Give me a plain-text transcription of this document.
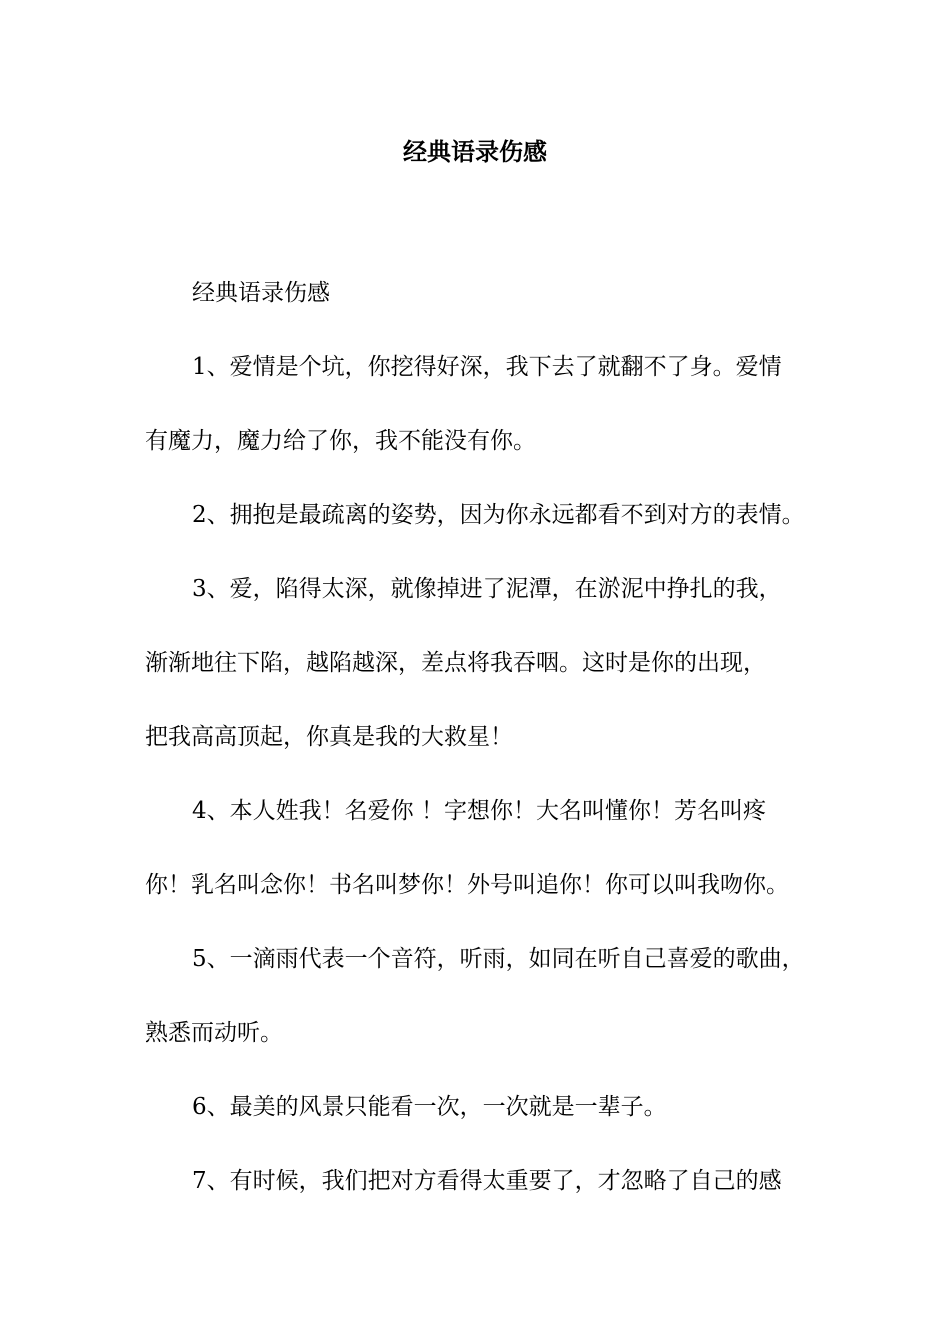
经典语录伤感
经典语录伤感
1、爱情是个坑，你挖得好深，我下去了就翻不了身。爱情
有魔力，魔力给了你，我不能没有你。
2、拥抱是最疏离的姿势，因为你永远都看不到对方的表情。
3、爱，陷得太深，就像掉进了泥潭，在淤泥中挣扎的我，
渐渐地往下陷，越陷越深，差点将我吞咽。这时是你的出现，
把我高高顶起，你真是我的大救星！
4、本人姓我！名爱你 ！字想你！大名叫懂你！芳名叫疼
你！乳名叫念你！书名叫梦你！外号叫追你！你可以叫我吻你。
5、一滴雨代表一个音符，听雨，如同在听自己喜爱的歌曲，
熟悉而动听。
6、最美的风景只能看一次，一次就是一辈子。
7、有时候，我们把对方看得太重要了，才忽略了自己的感
